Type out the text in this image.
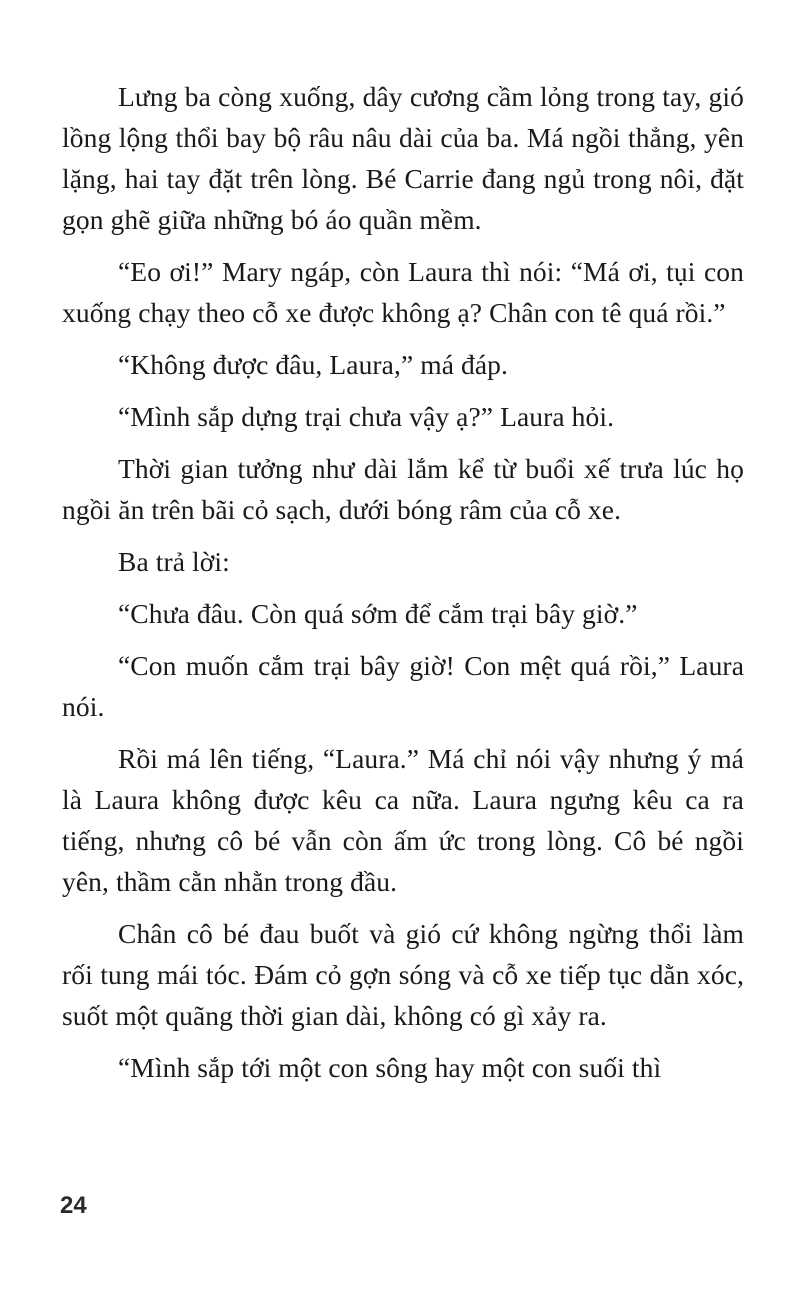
Lưng ba còng xuống, dây cương cầm lỏng trong tay, gió lồng lộng thổi bay bộ râu nâu dài của ba. Má ngồi thẳng, yên lặng, hai tay đặt trên lòng. Bé Carrie đang ngủ trong nôi, đặt gọn ghẽ giữa những bó áo quần mềm.

“Eo ơi!” Mary ngáp, còn Laura thì nói: “Má ơi, tụi con xuống chạy theo cỗ xe được không ạ? Chân con tê quá rồi.”

“Không được đâu, Laura,” má đáp.

“Mình sắp dựng trại chưa vậy ạ?” Laura hỏi.

Thời gian tưởng như dài lắm kể từ buổi xế trưa lúc họ ngồi ăn trên bãi cỏ sạch, dưới bóng râm của cỗ xe.

Ba trả lời:

“Chưa đâu. Còn quá sớm để cắm trại bây giờ.”

“Con muốn cắm trại bây giờ! Con mệt quá rồi,” Laura nói.

Rồi má lên tiếng, “Laura.” Má chỉ nói vậy nhưng ý má là Laura không được kêu ca nữa. Laura ngưng kêu ca ra tiếng, nhưng cô bé vẫn còn ấm ức trong lòng. Cô bé ngồi yên, thầm cằn nhằn trong đầu.

Chân cô bé đau buốt và gió cứ không ngừng thổi làm rối tung mái tóc. Đám cỏ gợn sóng và cỗ xe tiếp tục dằn xóc, suốt một quãng thời gian dài, không có gì xảy ra.

“Mình sắp tới một con sông hay một con suối thì

24
